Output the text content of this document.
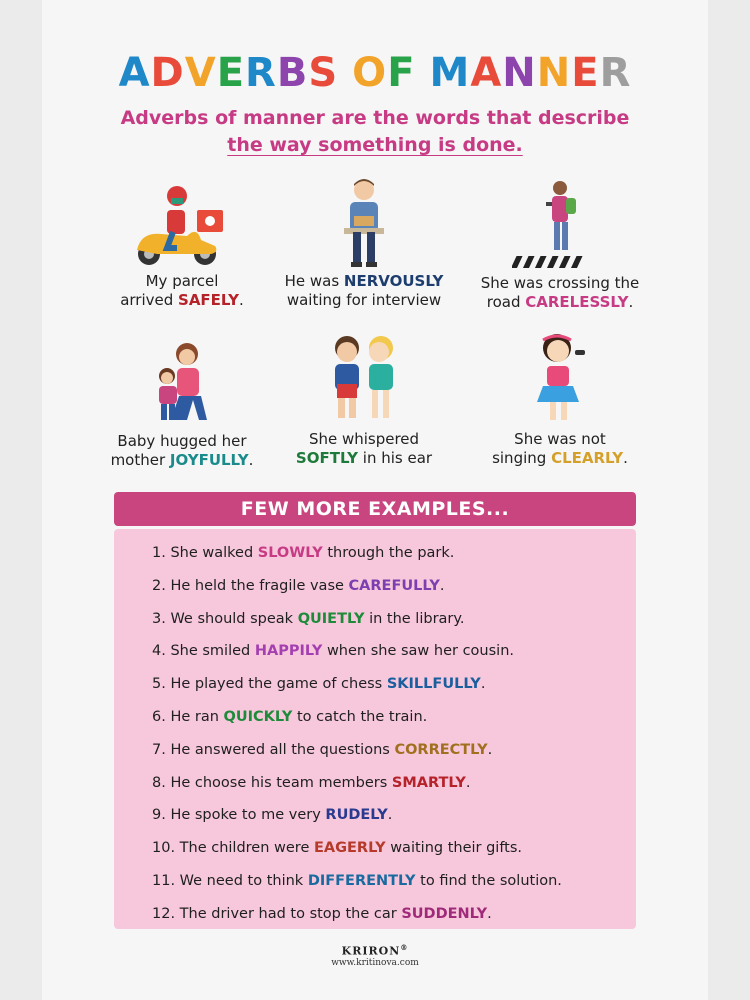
ADVERBS OF MANNER
Adverbs of manner are the words that describe
the way something is done.
My parcel
arrived SAFELY.
He was NERVOUSLY
waiting for interview
She was crossing the
road CARELESSLY.
Baby hugged her
mother JOYFULLY.
She whispered
SOFTLY in his ear
She was not
singing CLEARLY.
FEW MORE EXAMPLES...
1. She walked SLOWLY through the park.
2. He held the fragile vase CAREFULLY.
3. We should speak QUIETLY in the library.
4. She smiled HAPPILY when she saw her cousin.
5. He played the game of chess SKILLFULLY.
6. He ran QUICKLY to catch the train.
7. He answered all the questions CORRECTLY.
8. He choose his team members SMARTLY.
9. He spoke to me very RUDELY.
10. The children were EAGERLY waiting their gifts.
11. We need to think DIFFERENTLY to find the solution.
12. The driver had to stop the car SUDDENLY.
KRIRON®
www.kritinova.com
